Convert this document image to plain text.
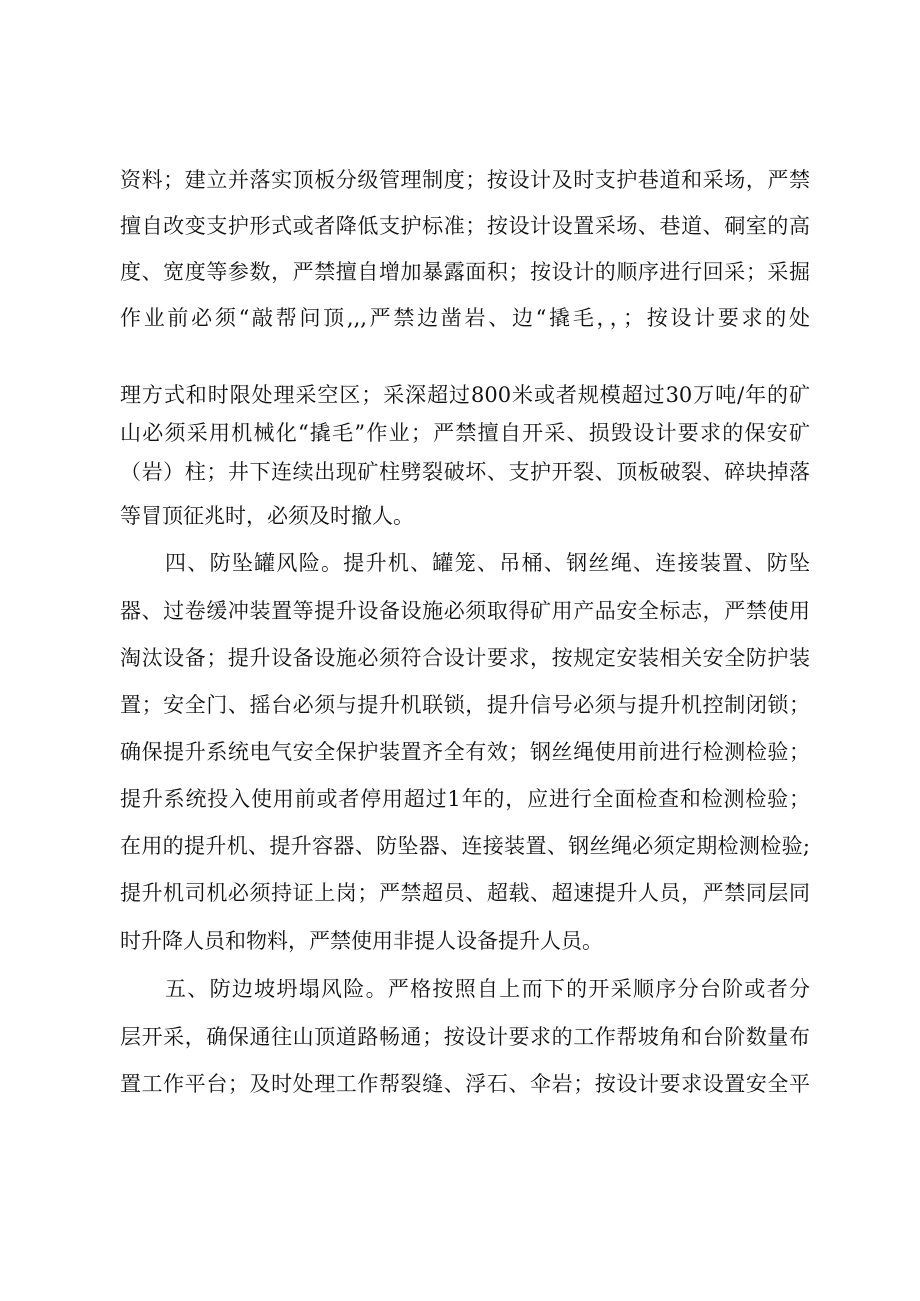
资料；建立并落实顶板分级管理制度；按设计及时支护巷道和采场，严禁
擅自改变支护形式或者降低支护标准；按设计设置采场、巷道、硐室的高
度、宽度等参数，严禁擅自增加暴露面积；按设计的顺序进行回采；采掘
作业前必须“敲帮问顶,,,严禁边凿岩、边“撬毛，，；按设计要求的处
理方式和时限处理采空区；采深超过800米或者规模超过30万吨/年的矿
山必须采用机械化“撬毛”作业；严禁擅自开采、损毁设计要求的保安矿
（岩）柱；井下连续出现矿柱劈裂破坏、支护开裂、顶板破裂、碎块掉落
等冒顶征兆时，必须及时撤人。
四、防坠罐风险。提升机、罐笼、吊桶、钢丝绳、连接装置、防坠
器、过卷缓冲装置等提升设备设施必须取得矿用产品安全标志，严禁使用
淘汰设备；提升设备设施必须符合设计要求，按规定安装相关安全防护装
置；安全门、摇台必须与提升机联锁，提升信号必须与提升机控制闭锁；
确保提升系统电气安全保护装置齐全有效；钢丝绳使用前进行检测检验；
提升系统投入使用前或者停用超过1年的，应进行全面检查和检测检验；
在用的提升机、提升容器、防坠器、连接装置、钢丝绳必须定期检测检验;
提升机司机必须持证上岗；严禁超员、超载、超速提升人员，严禁同层同
时升降人员和物料，严禁使用非提人设备提升人员。
五、防边坡坍塌风险。严格按照自上而下的开采顺序分台阶或者分
层开采，确保通往山顶道路畅通；按设计要求的工作帮坡角和台阶数量布
置工作平台；及时处理工作帮裂缝、浮石、伞岩；按设计要求设置安全平
